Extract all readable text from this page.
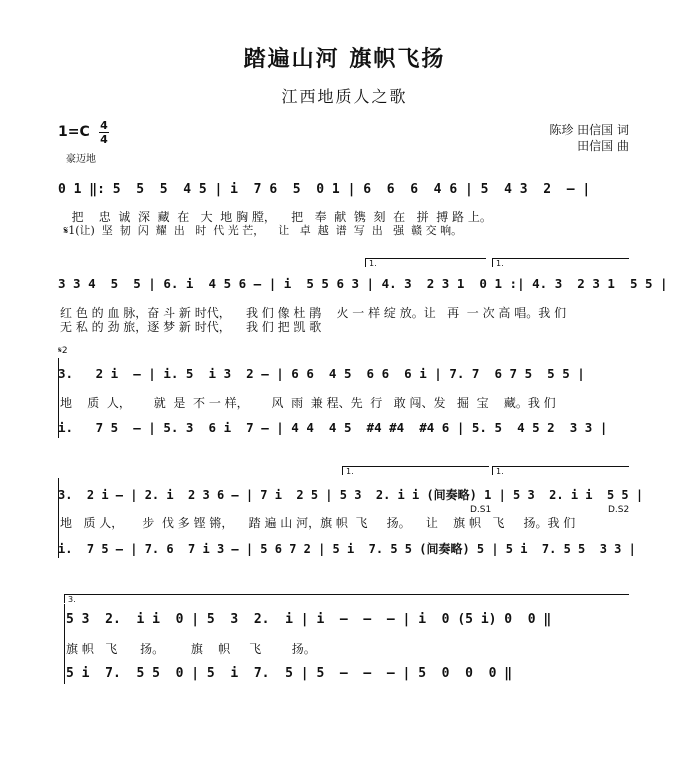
踏遍山河 旗帜飞扬
江西地质人之歌
1=C 4
4
豪迈地
陈珍 田信国 词
田信国 曲
0 1 ‖: 5  5  5  4 5 | i  7 6  5  0 1 | 6  6  6  4 6 | 5  4 3  2  – |
把    忠  诚  深  藏  在   大  地 胸 膛，    把   奉  献  镌  刻  在   拼  搏 路 上。
𝄋1(让)  坚  韧  闪  耀  出   时  代 光 芒，    让   卓  越  谱  写  出   强  赣 交 响。
1.	1.
3 3 4  5  5 | 6. i  4 5 6 – | i  5 5 6 3 | 4. 3  2 3 1  0 1 :| 4. 3  2 3 1  5 5 |
红 色 的 血 脉，奋 斗 新 时代，    我 们 像 杜 鹃    火 一 样 绽 放。让   再  一 次 高 唱。我 们
无 私 的 劲 旅，逐 梦 新 时代，    我 们 把 凯 歌
𝄋2
3.   2 i  – | i. 5  i 3  2 – | 6 6  4 5  6 6  6 i | 7. 7  6 7 5  5 5 |
地    质  人，      就  是  不 一 样，      风  雨  兼 程、先  行   敢 闯、发   掘  宝    藏。我 们
i.   7 5  – | 5. 3  6 i  7 – | 4 4  4 5  #4 #4  #4 6 | 5. 5  4 5 2  3 3 |
1.	1.
3.  2 i – | 2. i  2 3 6 – | 7 i  2 5 | 5 3  2. i i (间奏略) 1 | 5 3  2. i i  5 5 |
D.S1	D.S2
地   质 人，     步  伐 多 铿 锵，    踏 遍 山 河，旗 帜  飞     扬。    让    旗 帜   飞     扬。我 们
i.  7 5 – | 7. 6  7 i 3 – | 5 6 7 2 | 5 i  7. 5 5 (间奏略) 5 | 5 i  7. 5 5  3 3 |
3.
5 3  2.  i i  0 | 5  3  2.  i | i  –  –  – | i  0 (5 i) 0  0 ‖
旗 帜   飞      扬。       旗    帜     飞        扬。
5 i  7.  5 5  0 | 5  i  7.  5 | 5  –  –  – | 5  0  0  0 ‖
